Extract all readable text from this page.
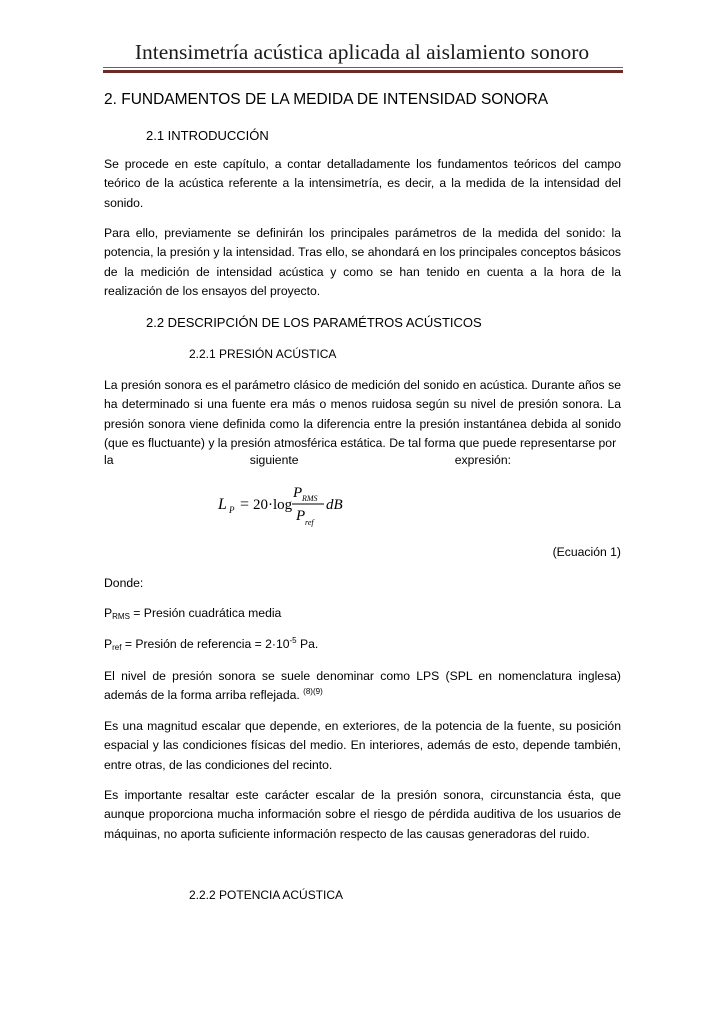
Intensimetría acústica aplicada al aislamiento sonoro
2. FUNDAMENTOS DE LA MEDIDA DE INTENSIDAD SONORA
2.1 INTRODUCCIÓN
Se procede en este capítulo, a contar detalladamente los fundamentos teóricos del campo teórico de la acústica referente a la intensimetría, es decir, a la medida de la intensidad del sonido.
Para ello, previamente se definirán los principales parámetros de la medida del sonido: la potencia, la presión y la intensidad. Tras ello, se ahondará en los principales conceptos básicos de la medición de intensidad acústica y como se han tenido en cuenta a la hora de la realización de los ensayos del proyecto.
2.2 DESCRIPCIÓN DE LOS PARAMÉTROS ACÚSTICOS
2.2.1 PRESIÓN ACÚSTICA
La presión sonora es el parámetro clásico de medición del sonido en acústica. Durante años se ha determinado si una fuente era más o menos ruidosa según su nivel de presión sonora. La presión sonora viene definida como la diferencia entre la presión instantánea debida al sonido (que es fluctuante) y la presión atmosférica estática. De tal forma que puede representarse por
la	siguiente	expresión:
L P = 20·log
P RMS
P ref
dB
(Ecuación 1)
Donde:
$P_{RMS}$ = Presión cuadrática media
$P_{ref}$ = Presión de referencia = $2\cdot 10^{-5}$ Pa.
El nivel de presión sonora se suele denominar como LPS (SPL en nomenclatura inglesa) además de la forma arriba reflejada. $^{(8)(9)}$
Es una magnitud escalar que depende, en exteriores, de la potencia de la fuente, su posición espacial y las condiciones físicas del medio. En interiores, además de esto, depende también, entre otras, de las condiciones del recinto.
Es importante resaltar este carácter escalar de la presión sonora, circunstancia ésta, que aunque proporciona mucha información sobre el riesgo de pérdida auditiva de los usuarios de máquinas, no aporta suficiente información respecto de las causas generadoras del ruido.
2.2.2 POTENCIA ACÚSTICA
